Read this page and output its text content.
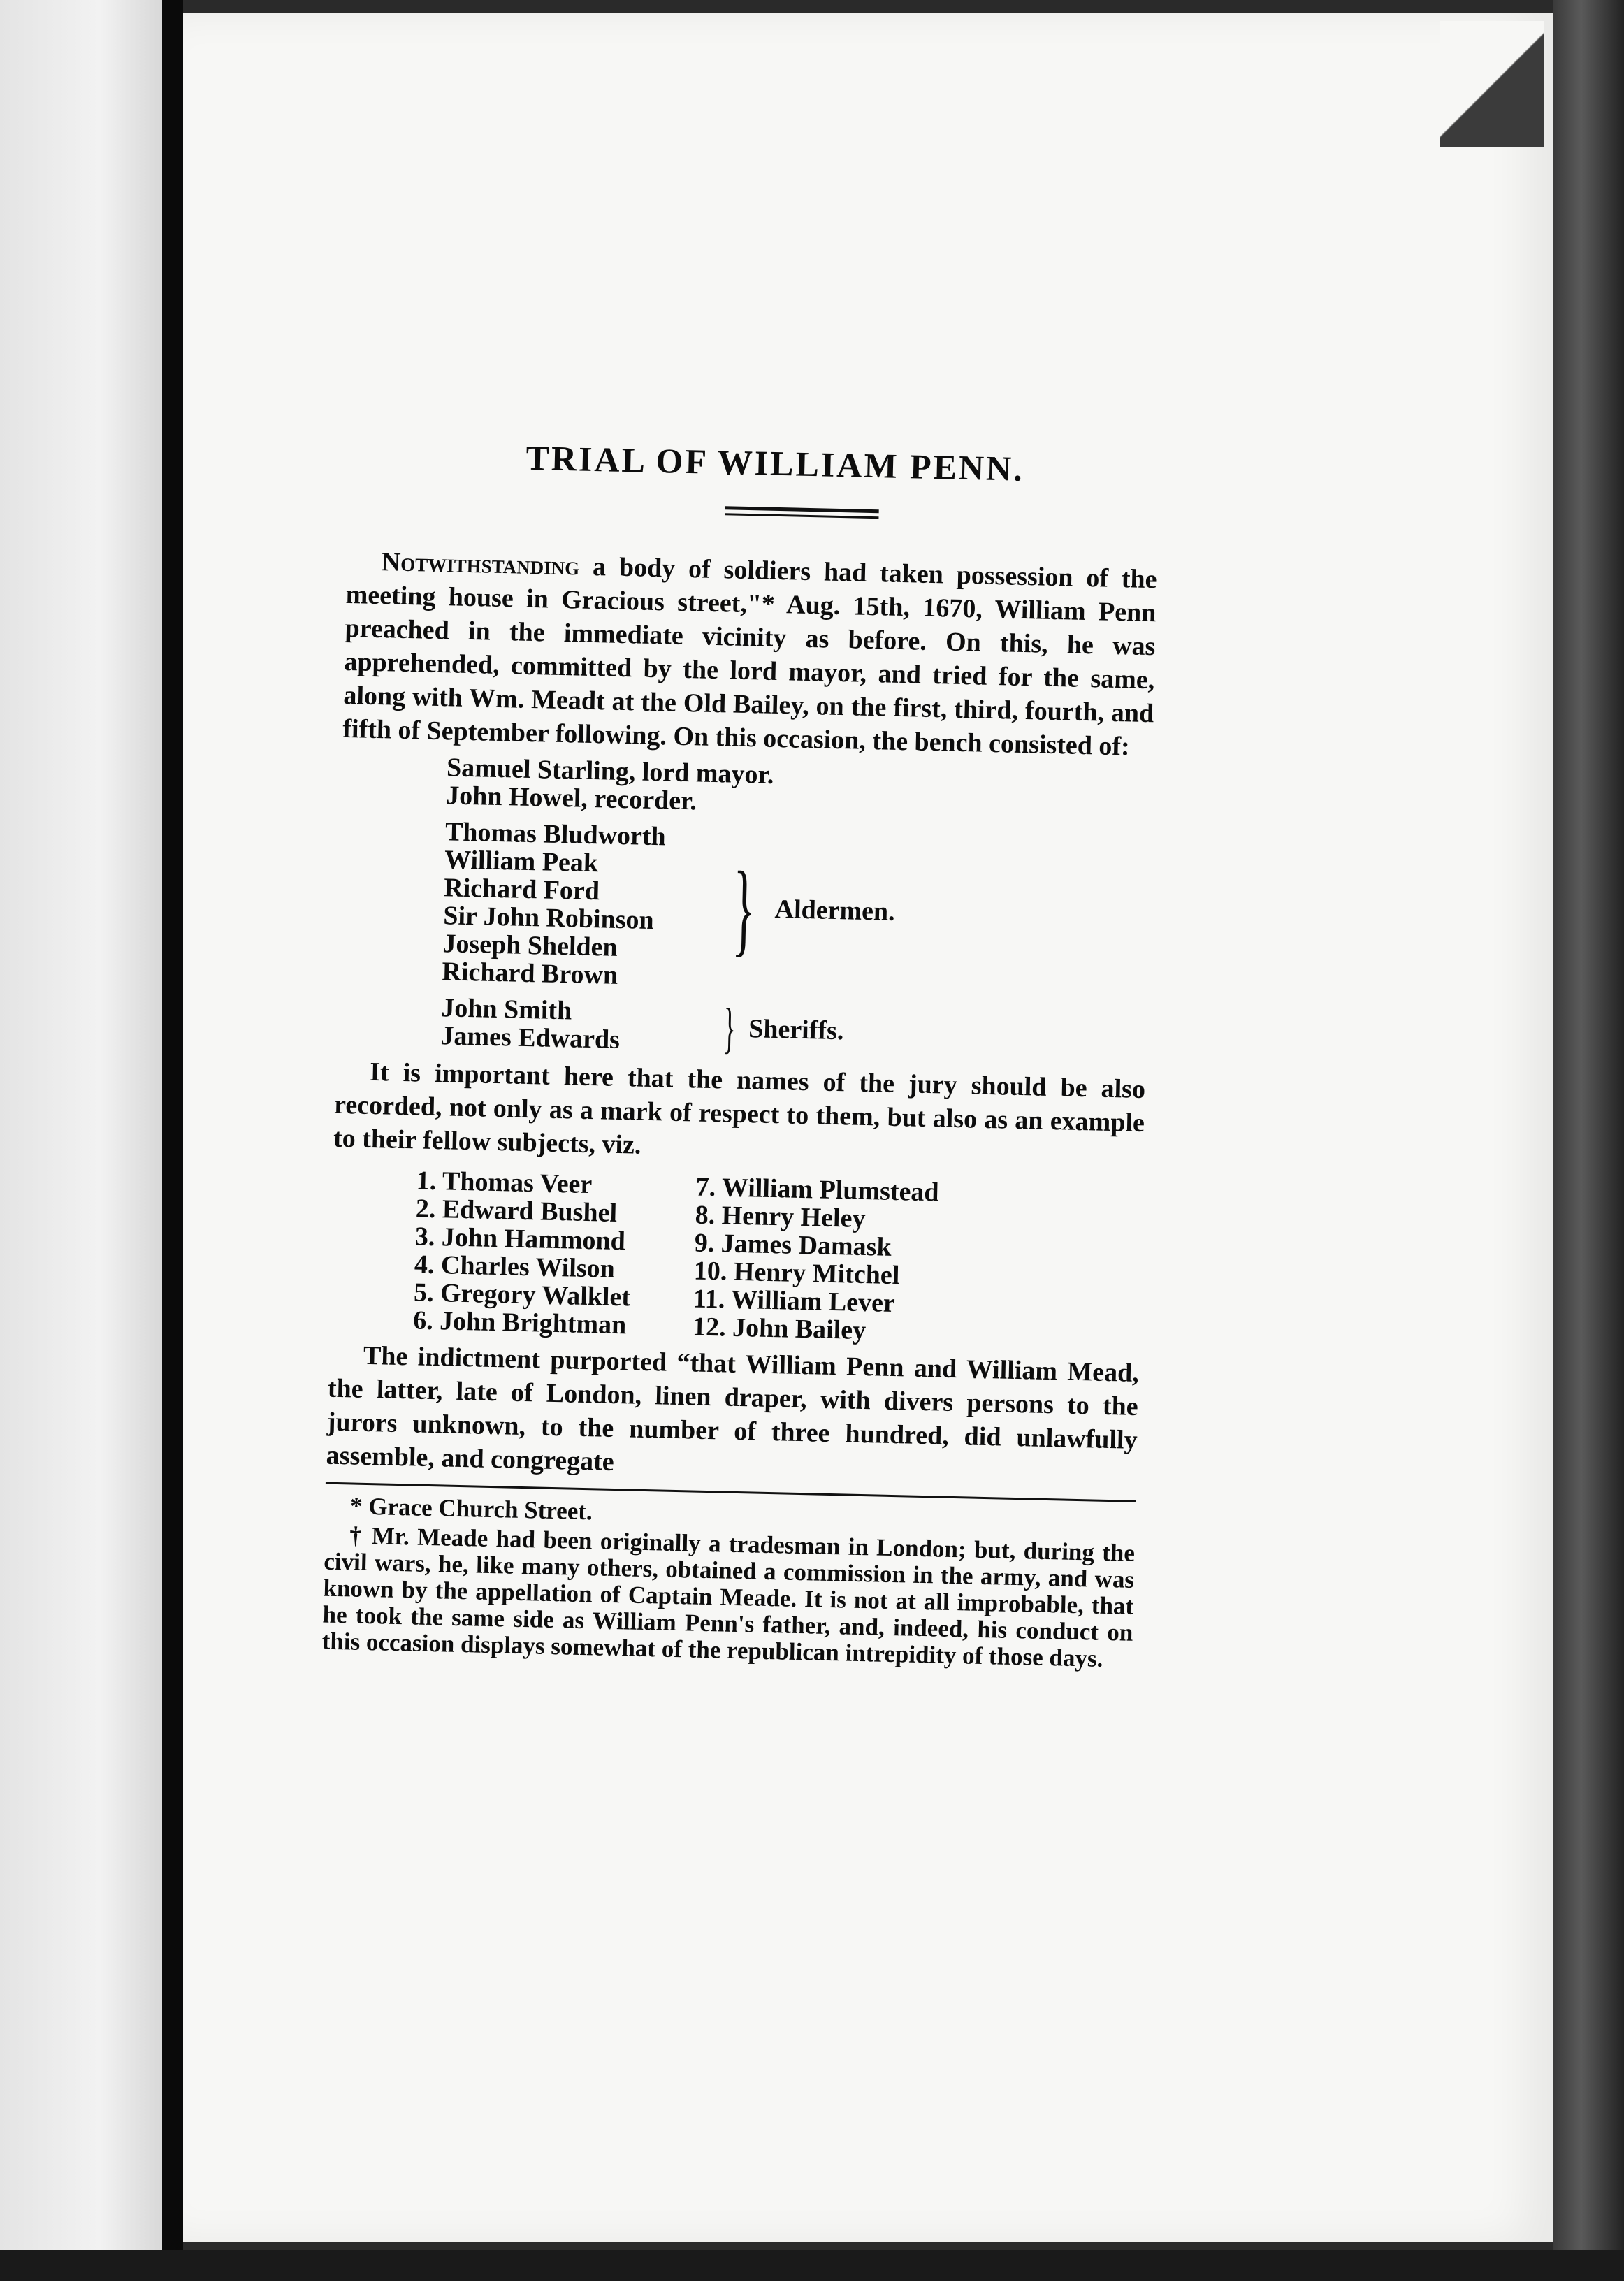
TRIAL OF WILLIAM PENN.

Notwithstanding a body of soldiers had taken possession of the meeting house in Gracious street,"* Aug. 15th, 1670, William Penn preached in the immediate vicinity as before. On this, he was apprehended, committed by the lord mayor, and tried for the same, along with Wm. Meadt at the Old Bailey, on the first, third, fourth, and fifth of September following. On this occasion, the bench consisted of:

Samuel Starling, lord mayor.
John Howel, recorder.
Thomas Bludworth
William Peak
Richard Ford
Sir John Robinson
Joseph Shelden
Richard Brown
} Aldermen.
John Smith
James Edwards	} Sheriffs.

It is important here that the names of the jury should be also recorded, not only as a mark of respect to them, but also as an example to their fellow subjects, viz.

1. Thomas Veer	7. William Plumstead
2. Edward Bushel	8. Henry Heley
3. John Hammond	9. James Damask
4. Charles Wilson	10. Henry Mitchel
5. Gregory Walklet	11. William Lever
6. John Brightman	12. John Bailey

The indictment purported “that William Penn and William Mead, the latter, late of London, linen draper, with divers persons to the jurors unknown, to the number of three hundred, did unlawfully assemble, and congregate

* Grace Church Street.

† Mr. Meade had been originally a tradesman in London; but, during the civil wars, he, like many others, obtained a commission in the army, and was known by the appellation of Captain Meade. It is not at all improbable, that he took the same side as William Penn's father, and, indeed, his conduct on this occasion displays somewhat of the republican intrepidity of those days.
